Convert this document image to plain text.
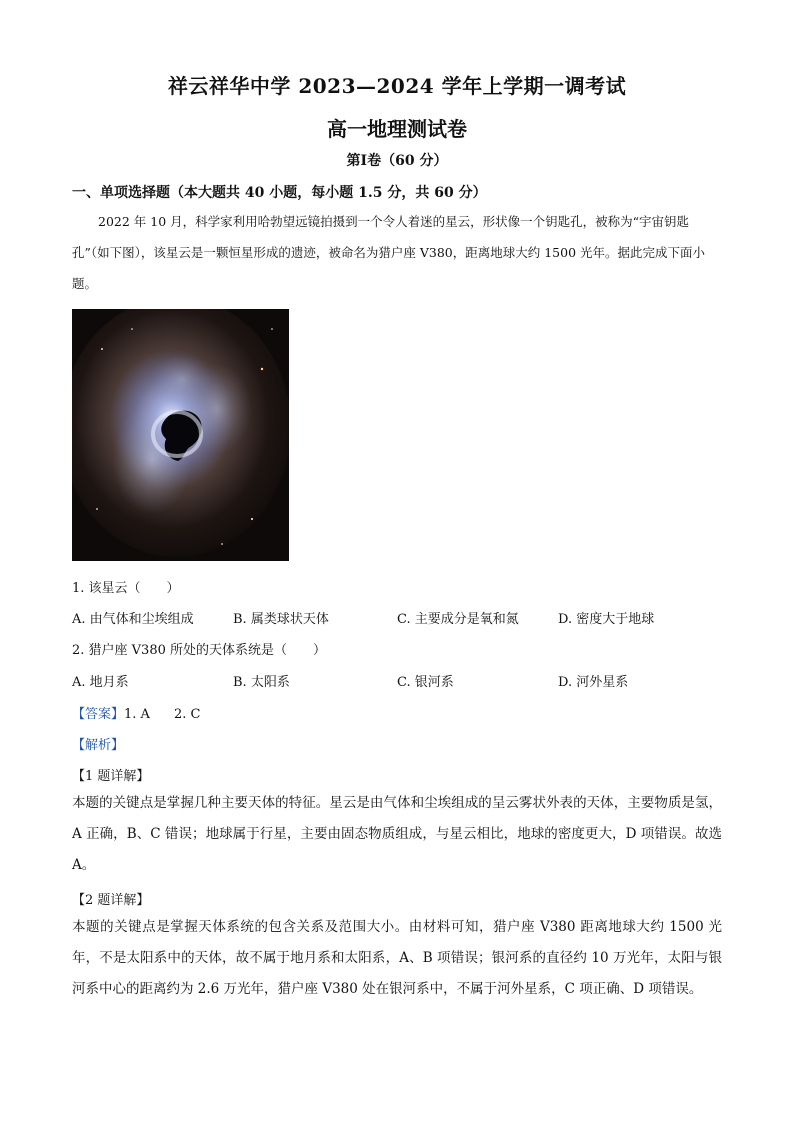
祥云祥华中学 2023—2024 学年上学期一调考试
高一地理测试卷
第Ⅰ卷（60 分）
一、单项选择题（本大题共 40 小题，每小题 1.5 分，共 60 分）
2022 年 10 月，科学家利用哈勃望远镜拍摄到一个令人着迷的星云，形状像一个钥匙孔，被称为“宇宙钥匙孔”（如下图），该星云是一颗恒星形成的遗迹，被命名为猎户座 V380，距离地球大约 1500 光年。据此完成下面小题。
1. 该星云（　　）
A. 由气体和尘埃组成	B. 属类球状天体	C. 主要成分是氧和氮	D. 密度大于地球
2. 猎户座 V380 所处的天体系统是（　　）
A. 地月系	B. 太阳系	C. 银河系	D. 河外星系
【答案】1. A 2. C
【解析】
【1 题详解】
本题的关键点是掌握几种主要天体的特征。星云是由气体和尘埃组成的呈云雾状外表的天体，主要物质是氢，A 正确，B、C 错误；地球属于行星，主要由固态物质组成，与星云相比，地球的密度更大，D 项错误。故选 A。
【2 题详解】
本题的关键点是掌握天体系统的包含关系及范围大小。由材料可知，猎户座 V380 距离地球大约 1500 光年，不是太阳系中的天体，故不属于地月系和太阳系，A、B 项错误；银河系的直径约 10 万光年，太阳与银河系中心的距离约为 2.6 万光年，猎户座 V380 处在银河系中，不属于河外星系，C 项正确、D 项错误。
